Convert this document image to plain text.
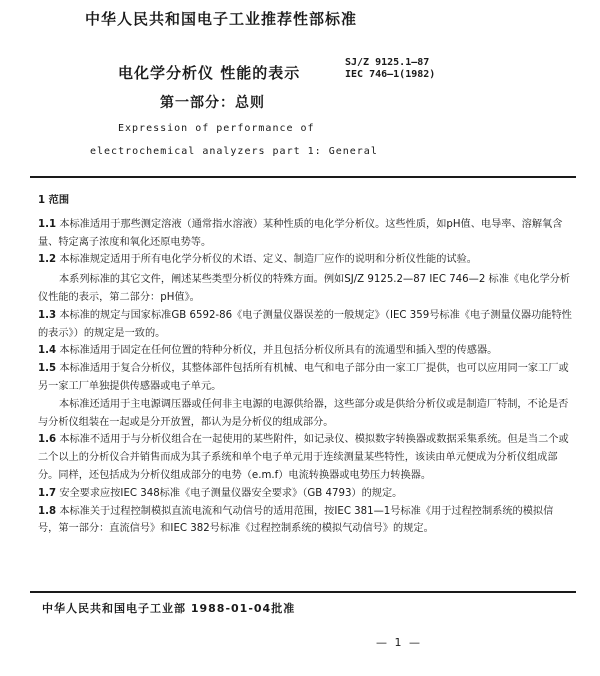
中华人民共和国电子工业推荐性部标准
电化学分析仪 性能的表示
SJ/Z 9125.1—87
IEC 746—1(1982)
第一部分：总则
Expression of performance of
electrochemical analyzers part 1: General

1 范围

1.1 本标准适用于那些测定溶液（通常指水溶液）某种性质的电化学分析仪。这些性质，如pH值、电导率、溶解氧含量、特定离子浓度和氧化还原电势等。

1.2 本标准规定适用于所有电化学分析仪的术语、定义、制造厂应作的说明和分析仪性能的试验。

本系列标准的其它文件，阐述某些类型分析仪的特殊方面。例如SJ/Z 9125.2—87 IEC 746—2 标准《电化学分析仪性能的表示，第二部分：pH值》。

1.3 本标准的规定与国家标准GB 6592-86《电子测量仪器误差的一般规定》（IEC 359号标准《电子测量仪器功能特性的表示》）的规定是一致的。

1.4 本标准适用于固定在任何位置的特种分析仪，并且包括分析仪所具有的流通型和插入型的传感器。

1.5 本标准适用于复合分析仪，其整体部件包括所有机械、电气和电子部分由一家工厂提供，也可以应用同一家工厂或另一家工厂单独提供传感器或电子单元。

本标准还适用于主电源调压器或任何非主电源的电源供给器，这些部分或是供给分析仪或是制造厂特制，不论是否与分析仪组装在一起或是分开放置，都认为是分析仪的组成部分。

1.6 本标准不适用于与分析仪组合在一起使用的某些附件，如记录仪、模拟数字转换器或数据采集系统。但是当二个或二个以上的分析仪合并销售而成为其子系统和单个电子单元用于连续测量某些特性，该读由单元便成为分析仪组成部分。同样，还包括成为分析仪组成部分的电势（e.m.f）电流转换器或电势压力转换器。

1.7 安全要求应按IEC 348标准《电子测量仪器安全要求》（GB 4793）的规定。

1.8 本标准关于过程控制模拟直流电流和气动信号的适用范围，按IEC 381—1号标准《用于过程控制系统的模拟信号，第一部分：直流信号》和IEC 382号标准《过程控制系统的模拟气动信号》的规定。

中华人民共和国电子工业部 1988-01-04批准
— 1 —
